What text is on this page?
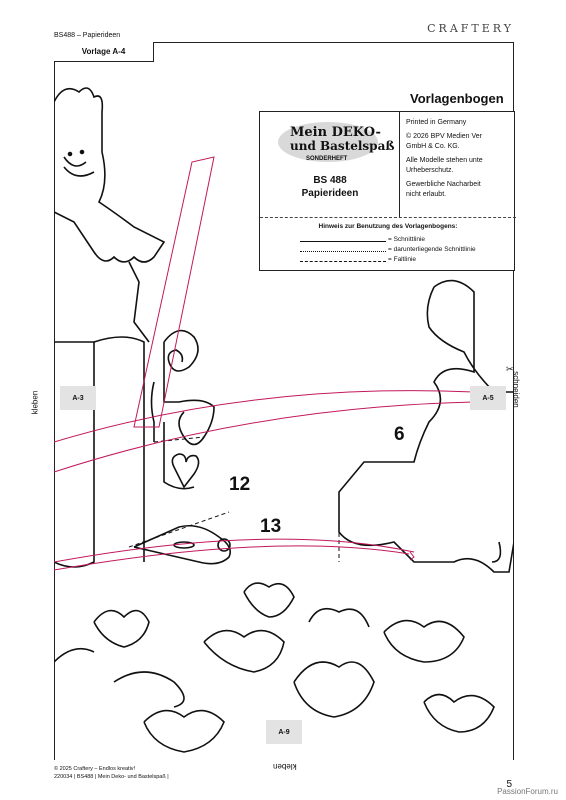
BS488 – Papierideen
CRAFTERY
Vorlage A-4
Vorlagenbogen
Mein DEKO-
und Bastelspaß
SONDERHEFT
BS 488
Papierideen

Printed in Germany

© 2026 BPV Medien Ver
GmbH & Co. KG.

Alle Modelle stehen unte
Urheberschutz.

Gewerbliche Nacharbeit
nicht erlaubt.

Hinweis zur Benutzung des Vorlagenbogens:
= Schnittlinie
= darunterliegende Schnittlinie
= Faltlinie
A-3	A-5
A-9
kleben	schneiden
kleben
✂
6
12
13
© 2025 Craftery – Endlos kreativ!
220034 | BS488 | Mein Deko- und Bastelspaß |
5
PassionForum.ru
